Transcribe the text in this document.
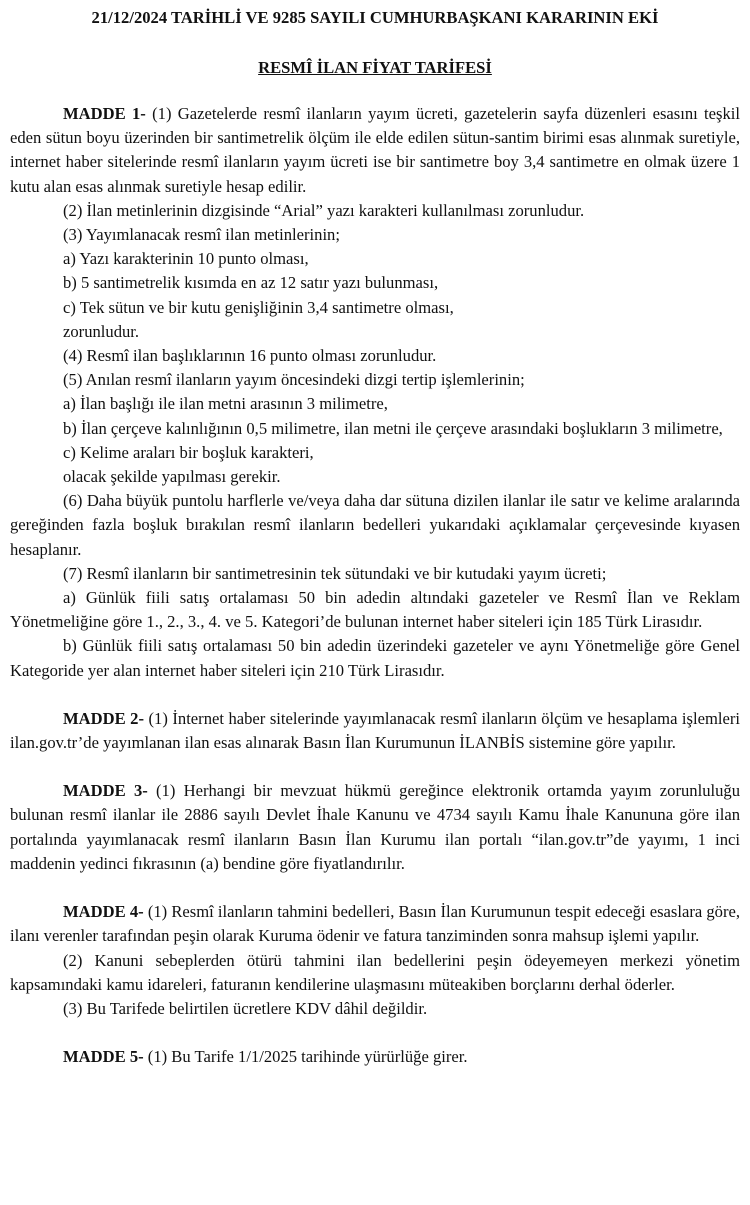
21/12/2024 TARİHLİ VE 9285 SAYILI CUMHURBAŞKANI KARARININ EKİ
RESMÎ İLAN FİYAT TARİFESİ

MADDE 1- (1) Gazetelerde resmî ilanların yayım ücreti, gazetelerin sayfa düzenleri esasını teşkil eden sütun boyu üzerinden bir santimetrelik ölçüm ile elde edilen sütun-santim birimi esas alınmak suretiyle, internet haber sitelerinde resmî ilanların yayım ücreti ise bir santimetre boy 3,4 santimetre en olmak üzere 1 kutu alan esas alınmak suretiyle hesap edilir.

(2) İlan metinlerinin dizgisinde “Arial” yazı karakteri kullanılması zorunludur.

(3) Yayımlanacak resmî ilan metinlerinin;

a) Yazı karakterinin 10 punto olması,

b) 5 santimetrelik kısımda en az 12 satır yazı bulunması,

c) Tek sütun ve bir kutu genişliğinin 3,4 santimetre olması,

zorunludur.

(4) Resmî ilan başlıklarının 16 punto olması zorunludur.

(5) Anılan resmî ilanların yayım öncesindeki dizgi tertip işlemlerinin;

a) İlan başlığı ile ilan metni arasının 3 milimetre,

b) İlan çerçeve kalınlığının 0,5 milimetre, ilan metni ile çerçeve arasındaki boşlukların 3 milimetre,

c) Kelime araları bir boşluk karakteri,

olacak şekilde yapılması gerekir.

(6) Daha büyük puntolu harflerle ve/veya daha dar sütuna dizilen ilanlar ile satır ve kelime aralarında gereğinden fazla boşluk bırakılan resmî ilanların bedelleri yukarıdaki açıklamalar çerçevesinde kıyasen hesaplanır.

(7) Resmî ilanların bir santimetresinin tek sütundaki ve bir kutudaki yayım ücreti;

a) Günlük fiili satış ortalaması 50 bin adedin altındaki gazeteler ve Resmî İlan ve Reklam Yönetmeliğine göre 1., 2., 3., 4. ve 5. Kategori’de bulunan internet haber siteleri için 185 Türk Lirasıdır.

b) Günlük fiili satış ortalaması 50 bin adedin üzerindeki gazeteler ve aynı Yönetmeliğe göre Genel Kategoride yer alan internet haber siteleri için 210 Türk Lirasıdır.

MADDE 2- (1) İnternet haber sitelerinde yayımlanacak resmî ilanların ölçüm ve hesaplama işlemleri ilan.gov.tr’de yayımlanan ilan esas alınarak Basın İlan Kurumunun İLANBİS sistemine göre yapılır.

MADDE 3- (1) Herhangi bir mevzuat hükmü gereğince elektronik ortamda yayım zorunluluğu bulunan resmî ilanlar ile 2886 sayılı Devlet İhale Kanunu ve 4734 sayılı Kamu İhale Kanununa göre ilan portalında yayımlanacak resmî ilanların Basın İlan Kurumu ilan portalı “ilan.gov.tr”de yayımı, 1 inci maddenin yedinci fıkrasının (a) bendine göre fiyatlandırılır.

MADDE 4- (1) Resmî ilanların tahmini bedelleri, Basın İlan Kurumunun tespit edeceği esaslara göre, ilanı verenler tarafından peşin olarak Kuruma ödenir ve fatura tanziminden sonra mahsup işlemi yapılır.

(2) Kanuni sebeplerden ötürü tahmini ilan bedellerini peşin ödeyemeyen merkezi yönetim kapsamındaki kamu idareleri, faturanın kendilerine ulaşmasını müteakiben borçlarını derhal öderler.

(3) Bu Tarifede belirtilen ücretlere KDV dâhil değildir.

MADDE 5- (1) Bu Tarife 1/1/2025 tarihinde yürürlüğe girer.
